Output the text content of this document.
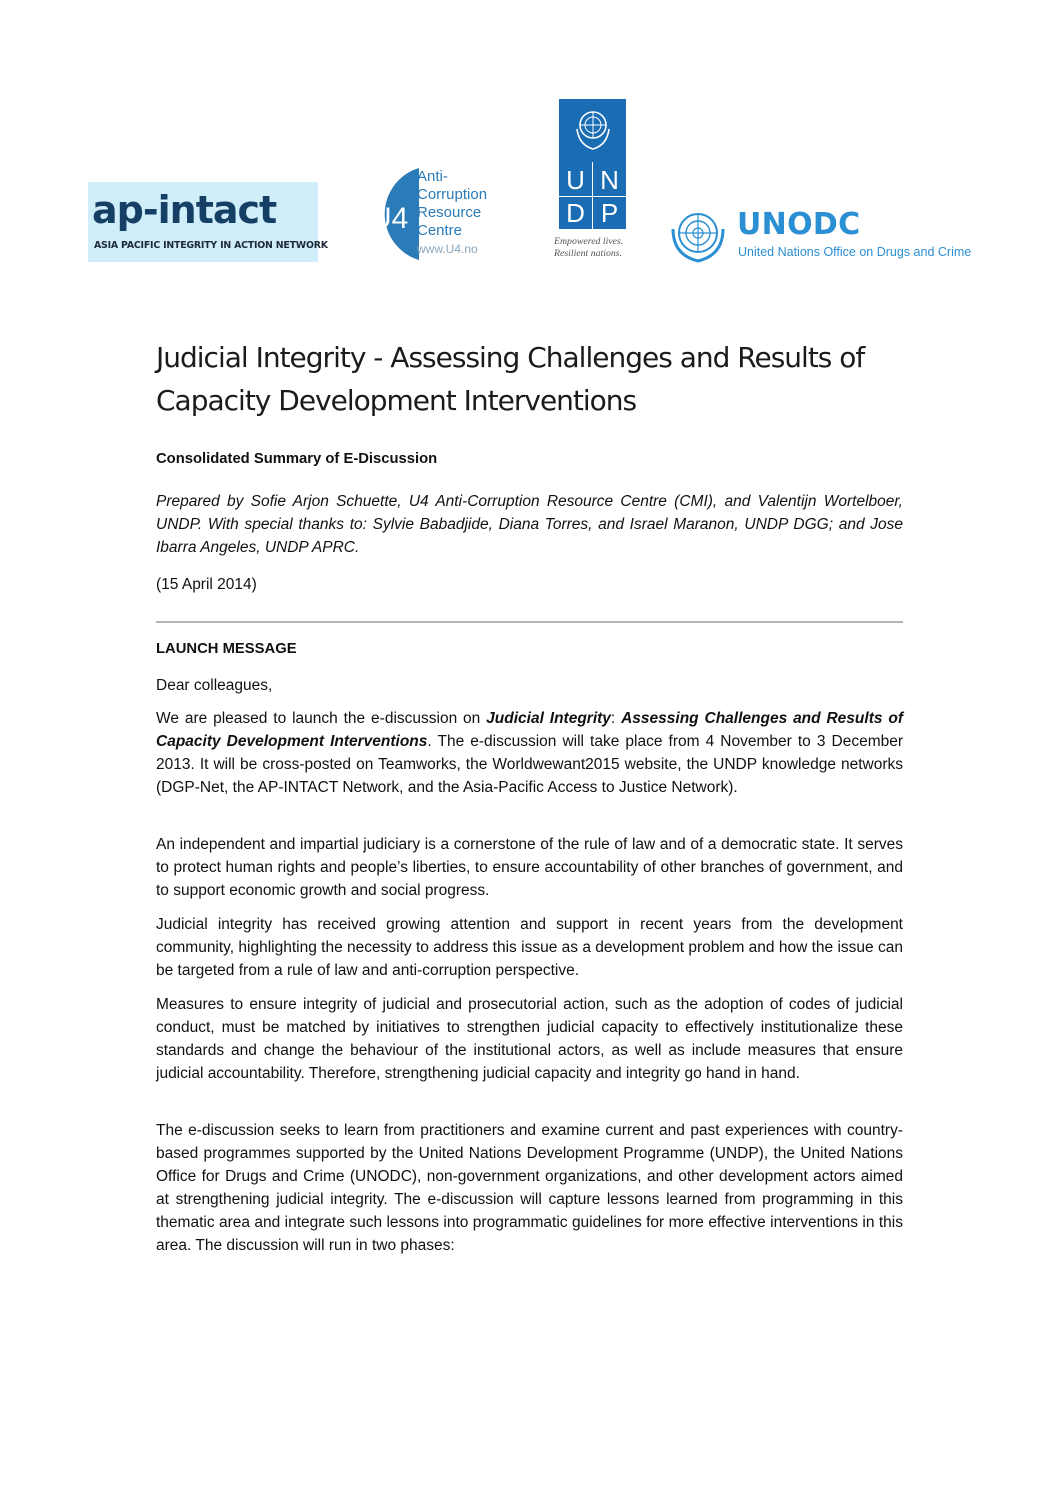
ap-intact
ASIA PACIFIC INTEGRITY IN ACTION NETWORK
U4
Anti-
Corruption
Resource
Centre
www.U4.no
U N
D P
Empowered lives.
Resilient nations.
UNODC
United Nations Office on Drugs and Crime
Judicial Integrity - Assessing Challenges and Results of Capacity Development Interventions
Consolidated Summary of E-Discussion
Prepared by Sofie Arjon Schuette, U4 Anti-Corruption Resource Centre (CMI), and Valentijn Wortelboer, UNDP. With special thanks to: Sylvie Babadjide, Diana Torres, and Israel Maranon, UNDP DGG; and Jose Ibarra Angeles, UNDP APRC.
(15 April 2014)
LAUNCH MESSAGE
Dear colleagues,

We are pleased to launch the e-discussion on Judicial Integrity: Assessing Challenges and Results of Capacity Development Interventions. The e-discussion will take place from 4 November to 3 December 2013. It will be cross-posted on Teamworks, the Worldwewant2015 website, the UNDP knowledge networks (DGP-Net, the AP-INTACT Network, and the Asia-Pacific Access to Justice Network).

An independent and impartial judiciary is a cornerstone of the rule of law and of a democratic state. It serves to protect human rights and people’s liberties, to ensure accountability of other branches of government, and to support economic growth and social progress.

Judicial integrity has received growing attention and support in recent years from the development community, highlighting the necessity to address this issue as a development problem and how the issue can be targeted from a rule of law and anti-corruption perspective.

Measures to ensure integrity of judicial and prosecutorial action, such as the adoption of codes of judicial conduct, must be matched by initiatives to strengthen judicial capacity to effectively institutionalize these standards and change the behaviour of the institutional actors, as well as include measures that ensure judicial accountability. Therefore, strengthening judicial capacity and integrity go hand in hand.

The e-discussion seeks to learn from practitioners and examine current and past experiences with country-based programmes supported by the United Nations Development Programme (UNDP), the United Nations Office for Drugs and Crime (UNODC), non-government organizations, and other development actors aimed at strengthening judicial integrity. The e-discussion will capture lessons learned from programming in this thematic area and integrate such lessons into programmatic guidelines for more effective interventions in this area. The discussion will run in two phases:
